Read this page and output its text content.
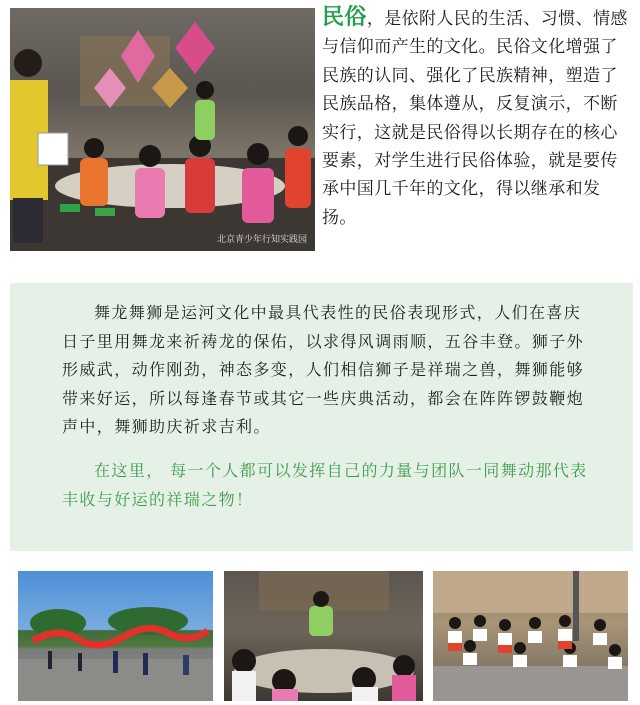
北京青少年行知实践园
民俗，是依附人民的生活、习惯、情感与信仰而产生的文化。民俗文化增强了民族的认同、强化了民族精神，塑造了民族品格，集体遵从，反复演示，不断实行，这就是民俗得以长期存在的核心要素，对学生进行民俗体验，就是要传承中国几千年的文化，得以继承和发扬。

舞龙舞狮是运河文化中最具代表性的民俗表现形式，人们在喜庆日子里用舞龙来祈祷龙的保佑，以求得风调雨顺，五谷丰登。狮子外形威武，动作刚劲，神态多变，人们相信狮子是祥瑞之兽，舞狮能够带来好运，所以每逢春节或其它一些庆典活动，都会在阵阵锣鼓鞭炮声中，舞狮助庆祈求吉利。

在这里， 每一个人都可以发挥自己的力量与团队一同舞动那代表丰收与好运的祥瑞之物！
